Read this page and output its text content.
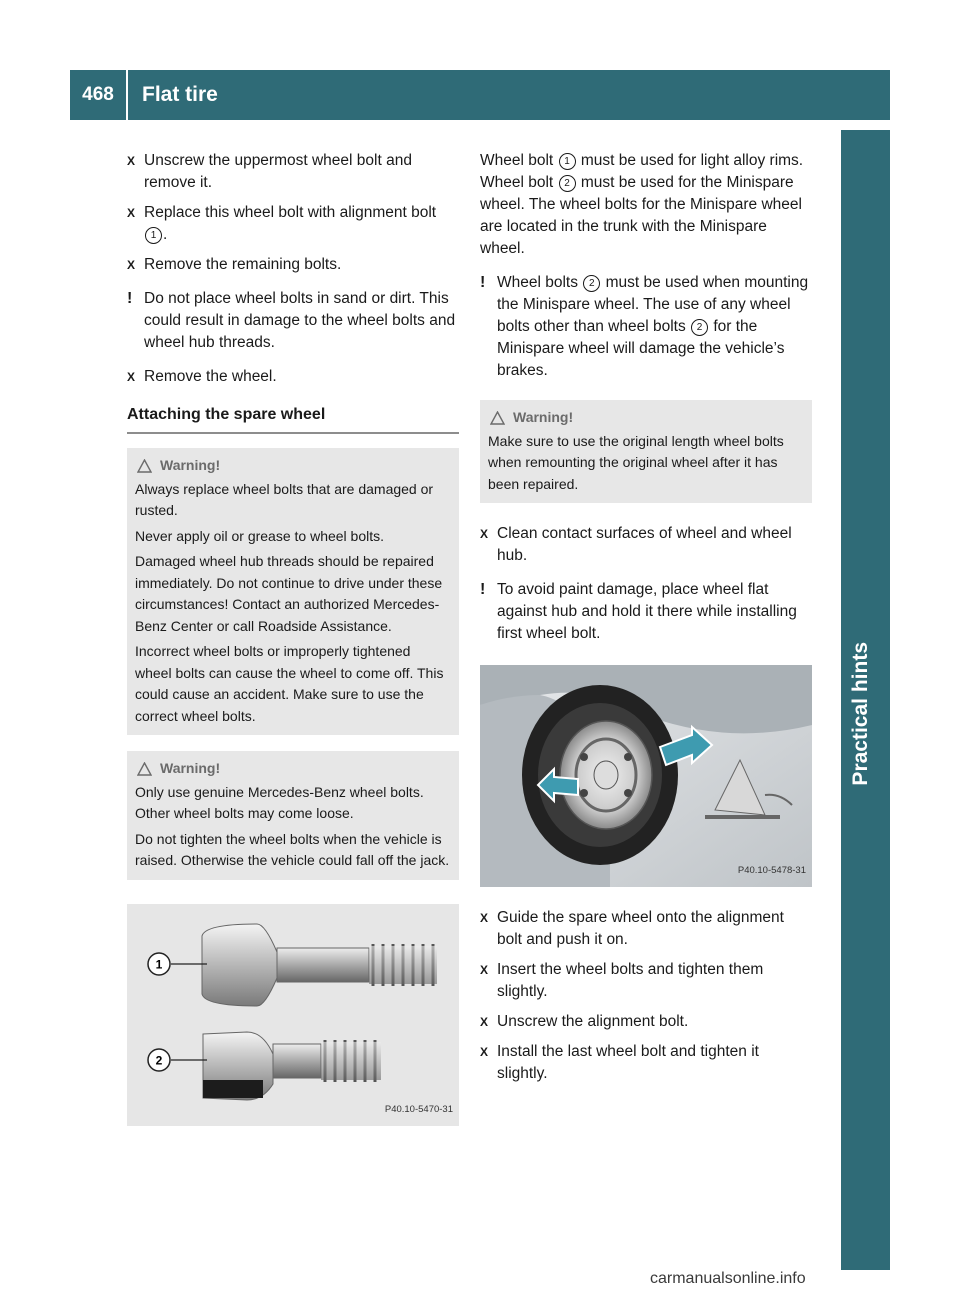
468	Flat tire
Practical hints
X Unscrew the uppermost wheel bolt and remove it.
X Replace this wheel bolt with alignment bolt 1 .
X Remove the remaining bolts.
! Do not place wheel bolts in sand or dirt. This could result in damage to the wheel bolts and wheel hub threads.
X Remove the wheel.
Attaching the spare wheel
Warning!

Always replace wheel bolts that are damaged or rusted.

Never apply oil or grease to wheel bolts.

Damaged wheel hub threads should be repaired immediately. Do not continue to drive under these circumstances! Contact an authorized Mercedes-Benz Center or call Roadside Assistance.

Incorrect wheel bolts or improperly tightened wheel bolts can cause the wheel to come off. This could cause an accident. Make sure to use the correct wheel bolts.

Warning!

Only use genuine Mercedes-Benz wheel bolts. Other wheel bolts may come loose.

Do not tighten the wheel bolts when the vehicle is raised. Otherwise the vehicle could fall off the jack.

1
2
P40.10-5470-31
Wheel bolt 1 must be used for light alloy rims. Wheel bolt 2 must be used for the Minispare wheel. The wheel bolts for the Minispare wheel are located in the trunk with the Minispare wheel.
! Wheel bolts 2 must be used when mounting the Minispare wheel. The use of any wheel bolts other than wheel bolts 2 for the Minispare wheel will damage the vehicle’s brakes.
Warning!

Make sure to use the original length wheel bolts when remounting the original wheel after it has been repaired.

X Clean contact surfaces of wheel and wheel hub.
! To avoid paint damage, place wheel flat against hub and hold it there while installing first wheel bolt.
P40.10-5478-31
X Guide the spare wheel onto the alignment bolt and push it on.
X Insert the wheel bolts and tighten them slightly.
X Unscrew the alignment bolt.
X Install the last wheel bolt and tighten it slightly.
carmanualsonline.info
